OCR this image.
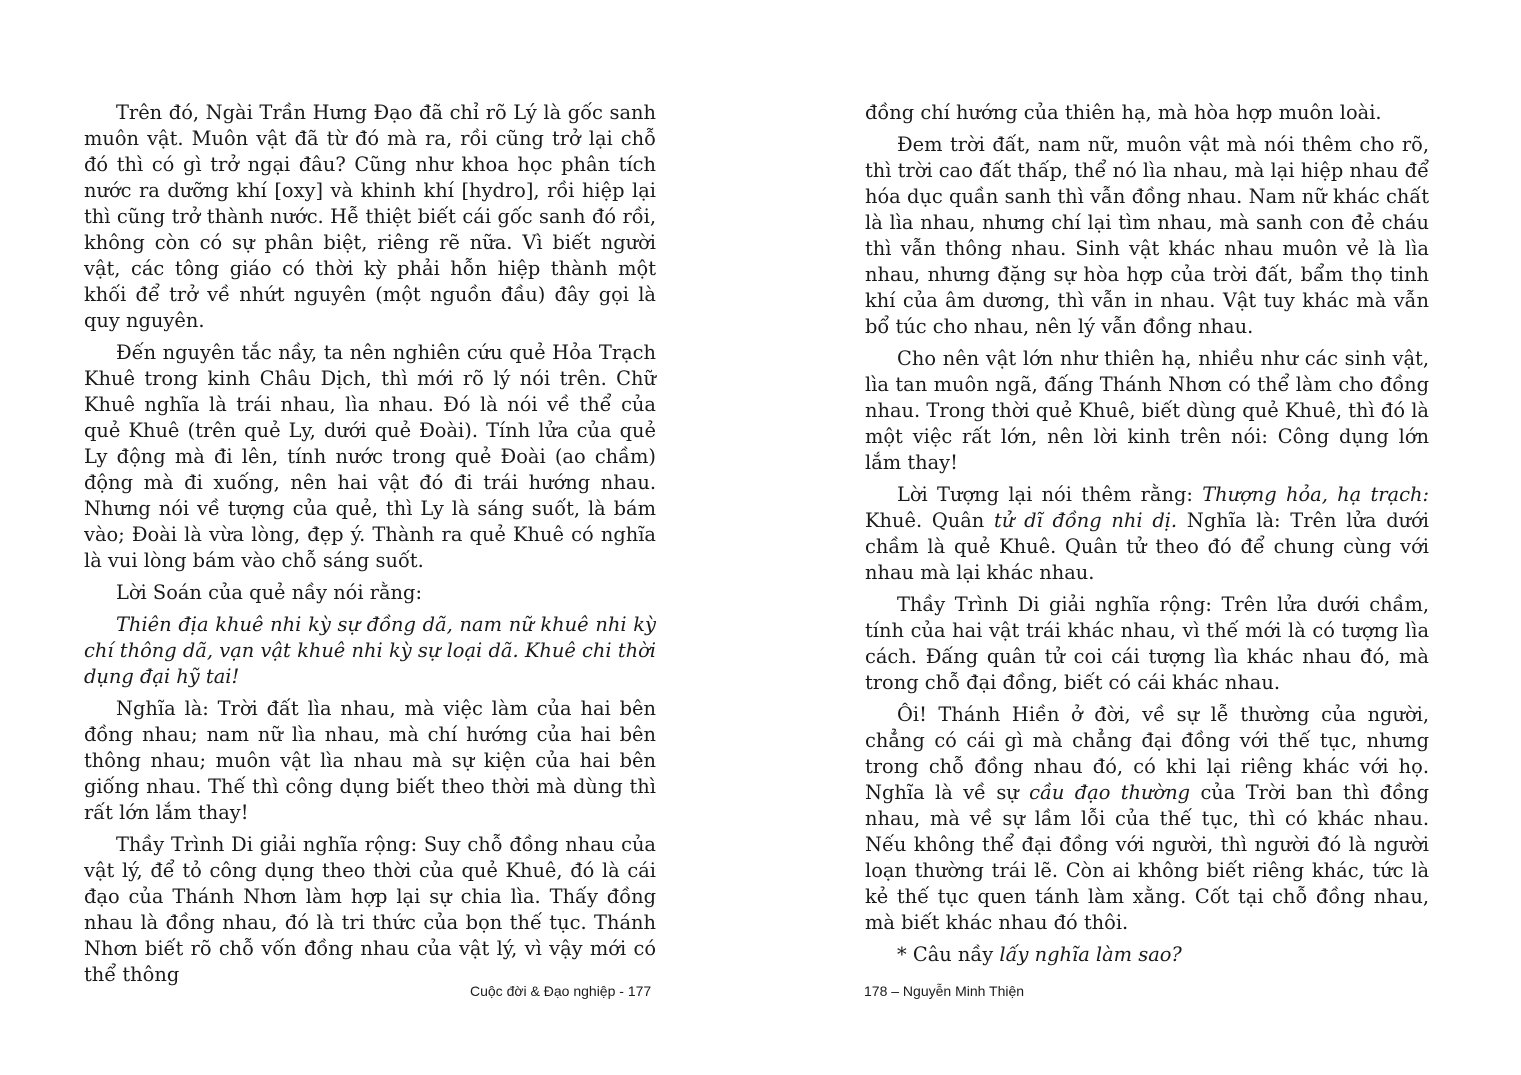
Trên đó, Ngài Trần Hưng Đạo đã chỉ rõ Lý là gốc sanh muôn vật. Muôn vật đã từ đó mà ra, rồi cũng trở lại chỗ đó thì có gì trở ngại đâu? Cũng như khoa học phân tích nước ra dưỡng khí [oxy] và khinh khí [hydro], rồi hiệp lại thì cũng trở thành nước. Hễ thiệt biết cái gốc sanh đó rồi, không còn có sự phân biệt, riêng rẽ nữa. Vì biết người vật, các tông giáo có thời kỳ phải hỗn hiệp thành một khối để trở về nhứt nguyên (một nguồn đầu) đây gọi là quy nguyên.

Đến nguyên tắc nầy, ta nên nghiên cứu quẻ Hỏa Trạch Khuê trong kinh Châu Dịch, thì mới rõ lý nói trên. Chữ Khuê nghĩa là trái nhau, lìa nhau. Đó là nói về thể của quẻ Khuê (trên quẻ Ly, dưới quẻ Đoài). Tính lửa của quẻ Ly động mà đi lên, tính nước trong quẻ Đoài (ao chầm) động mà đi xuống, nên hai vật đó đi trái hướng nhau. Nhưng nói về tượng của quẻ, thì Ly là sáng suốt, là bám vào; Đoài là vừa lòng, đẹp ý. Thành ra quẻ Khuê có nghĩa là vui lòng bám vào chỗ sáng suốt.

Lời Soán của quẻ nầy nói rằng:

Thiên địa khuê nhi kỳ sự đồng dã, nam nữ khuê nhi kỳ chí thông dã, vạn vật khuê nhi kỳ sự loại dã. Khuê chi thời dụng đại hỹ tai!

Nghĩa là: Trời đất lìa nhau, mà việc làm của hai bên đồng nhau; nam nữ lìa nhau, mà chí hướng của hai bên thông nhau; muôn vật lìa nhau mà sự kiện của hai bên giống nhau. Thế thì công dụng biết theo thời mà dùng thì rất lớn lắm thay!

Thầy Trình Di giải nghĩa rộng: Suy chỗ đồng nhau của vật lý, để tỏ công dụng theo thời của quẻ Khuê, đó là cái đạo của Thánh Nhơn làm hợp lại sự chia lìa. Thấy đồng nhau là đồng nhau, đó là tri thức của bọn thế tục. Thánh Nhơn biết rõ chỗ vốn đồng nhau của vật lý, vì vậy mới có thể thông

đồng chí hướng của thiên hạ, mà hòa hợp muôn loài.

Đem trời đất, nam nữ, muôn vật mà nói thêm cho rõ, thì trời cao đất thấp, thể nó lìa nhau, mà lại hiệp nhau để hóa dục quần sanh thì vẫn đồng nhau. Nam nữ khác chất là lìa nhau, nhưng chí lại tìm nhau, mà sanh con đẻ cháu thì vẫn thông nhau. Sinh vật khác nhau muôn vẻ là lìa nhau, nhưng đặng sự hòa hợp của trời đất, bẩm thọ tinh khí của âm dương, thì vẫn in nhau. Vật tuy khác mà vẫn bổ túc cho nhau, nên lý vẫn đồng nhau.

Cho nên vật lớn như thiên hạ, nhiều như các sinh vật, lìa tan muôn ngã, đấng Thánh Nhơn có thể làm cho đồng nhau. Trong thời quẻ Khuê, biết dùng quẻ Khuê, thì đó là một việc rất lớn, nên lời kinh trên nói: Công dụng lớn lắm thay!

Lời Tượng lại nói thêm rằng: Thượng hỏa, hạ trạch: Khuê. Quân tử dĩ đồng nhi dị. Nghĩa là: Trên lửa dưới chầm là quẻ Khuê. Quân tử theo đó để chung cùng với nhau mà lại khác nhau.

Thầy Trình Di giải nghĩa rộng: Trên lửa dưới chầm, tính của hai vật trái khác nhau, vì thế mới là có tượng lìa cách. Đấng quân tử coi cái tượng lìa khác nhau đó, mà trong chỗ đại đồng, biết có cái khác nhau.

Ôi! Thánh Hiền ở đời, về sự lễ thường của người, chẳng có cái gì mà chẳng đại đồng với thế tục, nhưng trong chỗ đồng nhau đó, có khi lại riêng khác với họ. Nghĩa là về sự cầu đạo thường của Trời ban thì đồng nhau, mà về sự lầm lỗi của thế tục, thì có khác nhau. Nếu không thể đại đồng với người, thì người đó là người loạn thường trái lẽ. Còn ai không biết riêng khác, tức là kẻ thế tục quen tánh làm xằng. Cốt tại chỗ đồng nhau, mà biết khác nhau đó thôi.

* Câu nầy lấy nghĩa làm sao?

Cuộc đời & Đạo nghiệp - 177	178 – Nguyễn Minh Thiện
